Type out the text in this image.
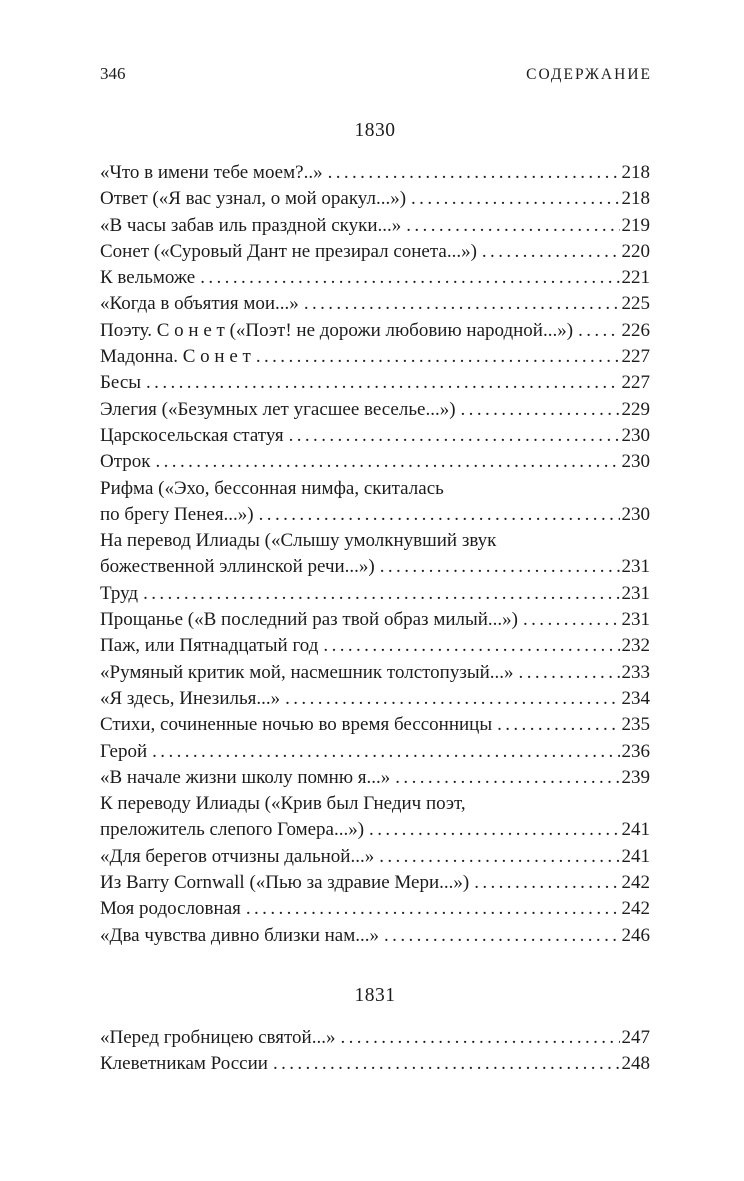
346	СОДЕРЖАНИЕ
1830
«Что в имени тебе моем?..» .....	218
Ответ («Я вас узнал, о мой оракул...») .....	218
«В часы забав иль праздной скуки...» .....	219
Сонет («Суровый Дант не презирал сонета...») .....	220
К вельможе .....	221
«Когда в объятия мои...» .....	225
Поэту. С о н е т («Поэт! не дорожи любовию народной...») .....	226
Мадонна. С о н е т .....	227
Бесы .....	227
Элегия («Безумных лет угасшее веселье...») .....	229
Царскосельская статуя .....	230
Отрок .....	230
Рифма («Эхо, бессонная нимфа, скиталась
по брегу Пенея...») .....	230
На перевод Илиады («Слышу умолкнувший звук
божественной эллинской речи...») .....	231
Труд .....	231
Прощанье («В последний раз твой образ милый...») .....	231
Паж, или Пятнадцатый год .....	232
«Румяный критик мой, насмешник толстопузый...» .....	233
«Я здесь, Инезилья...» .....	234
Стихи, сочиненные ночью во время бессонницы .....	235
Герой .....	236
«В начале жизни школу помню я...» .....	239
К переводу Илиады («Крив был Гнедич поэт,
преложитель слепого Гомера...») .....	241
«Для берегов отчизны дальной...» .....	241
Из Barry Cornwall («Пью за здравие Мери...») .....	242
Моя родословная .....	242
«Два чувства дивно близки нам...» .....	246
1831
«Перед гробницею святой...» .....	247
Клеветникам России .....	248
